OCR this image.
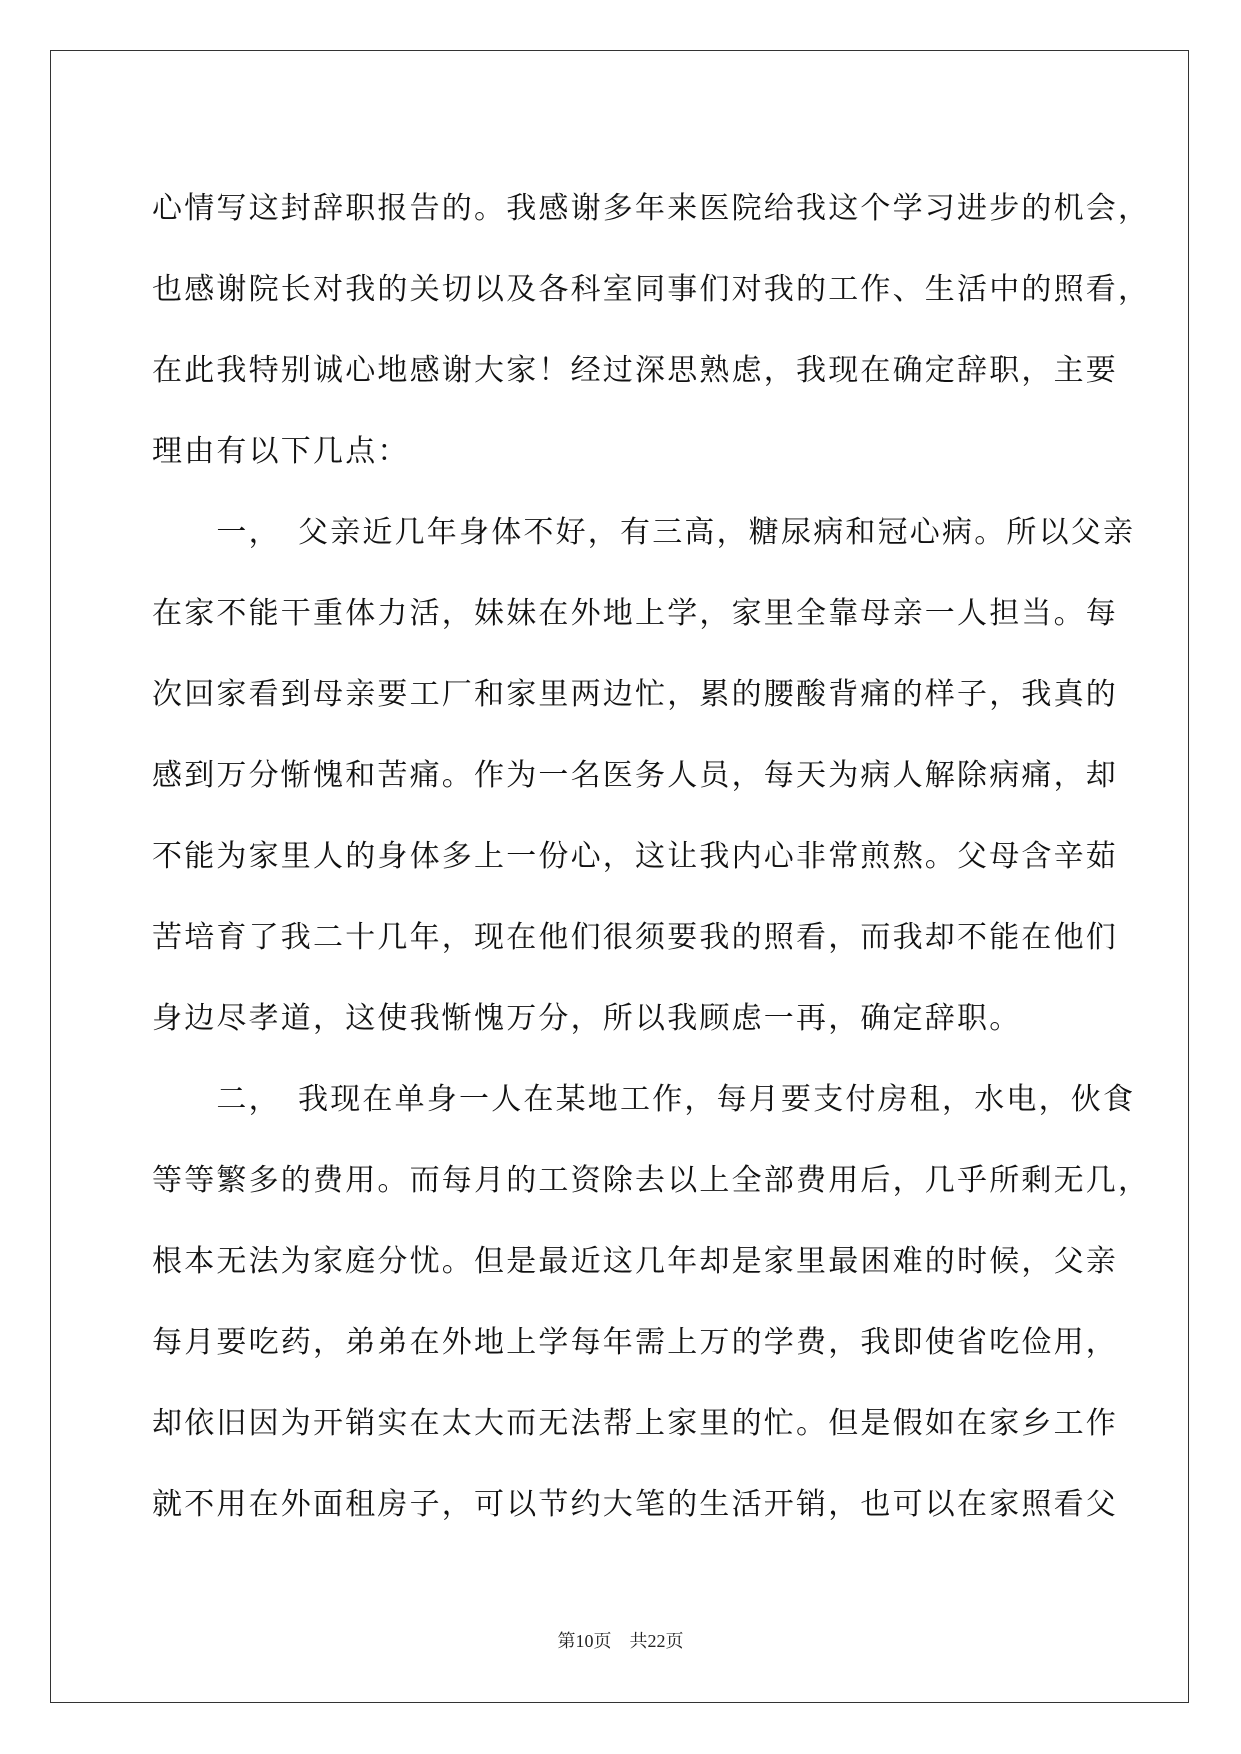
心情写这封辞职报告的。我感谢多年来医院给我这个学习进步的机会，
也感谢院长对我的关切以及各科室同事们对我的工作、生活中的照看，
在此我特别诚心地感谢大家！经过深思熟虑，我现在确定辞职，主要
理由有以下几点：
　　一，　父亲近几年身体不好，有三高，糖尿病和冠心病。所以父亲
在家不能干重体力活，妹妹在外地上学，家里全靠母亲一人担当。每
次回家看到母亲要工厂和家里两边忙，累的腰酸背痛的样子，我真的
感到万分惭愧和苦痛。作为一名医务人员，每天为病人解除病痛，却
不能为家里人的身体多上一份心，这让我内心非常煎熬。父母含辛茹
苦培育了我二十几年，现在他们很须要我的照看，而我却不能在他们
身边尽孝道，这使我惭愧万分，所以我顾虑一再，确定辞职。
　　二，　我现在单身一人在某地工作，每月要支付房租，水电，伙食
等等繁多的费用。而每月的工资除去以上全部费用后，几乎所剩无几，
根本无法为家庭分忧。但是最近这几年却是家里最困难的时候，父亲
每月要吃药，弟弟在外地上学每年需上万的学费，我即使省吃俭用，
却依旧因为开销实在太大而无法帮上家里的忙。但是假如在家乡工作
就不用在外面租房子，可以节约大笔的生活开销，也可以在家照看父
第10页　共22页
